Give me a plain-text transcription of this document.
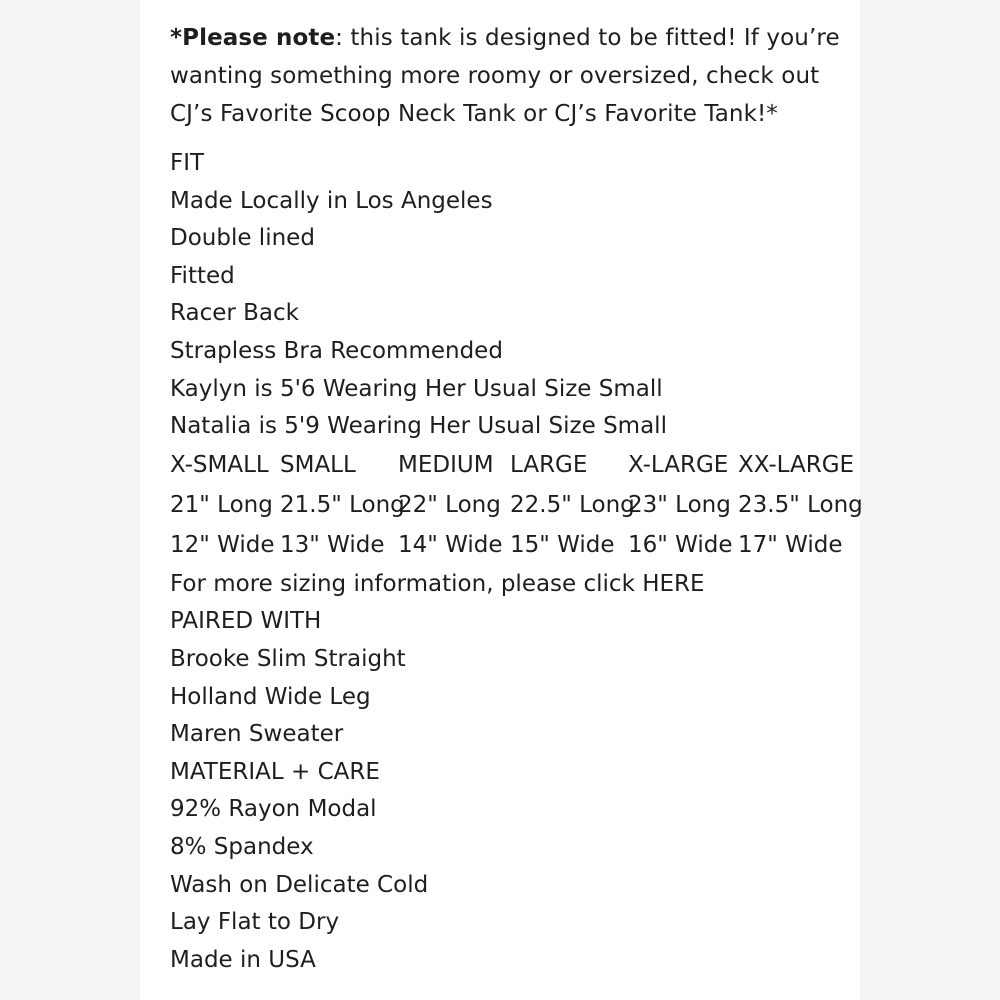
*Please note: this tank is designed to be fitted! If you’re wanting something more roomy or oversized, check out CJ’s Favorite Scoop Neck Tank or CJ’s Favorite Tank!*

FIT
Made Locally in Los Angeles
Double lined
Fitted
Racer Back
Strapless Bra Recommended
Kaylyn is 5'6 Wearing Her Usual Size Small
Natalia is 5'9 Wearing Her Usual Size Small
X-SMALL SMALL	MEDIUM LARGE	X-LARGE XX-LARGE
21" Long 21.5" Long
22" Long 22.5" Long
23" Long 23.5" Long
12" Wide 13" Wide 14" Wide 15" Wide 16" Wide 17" Wide
For more sizing information, please click HERE
PAIRED WITH
Brooke Slim Straight
Holland Wide Leg
Maren Sweater
MATERIAL + CARE
92% Rayon Modal
8% Spandex
Wash on Delicate Cold
Lay Flat to Dry
Made in USA
